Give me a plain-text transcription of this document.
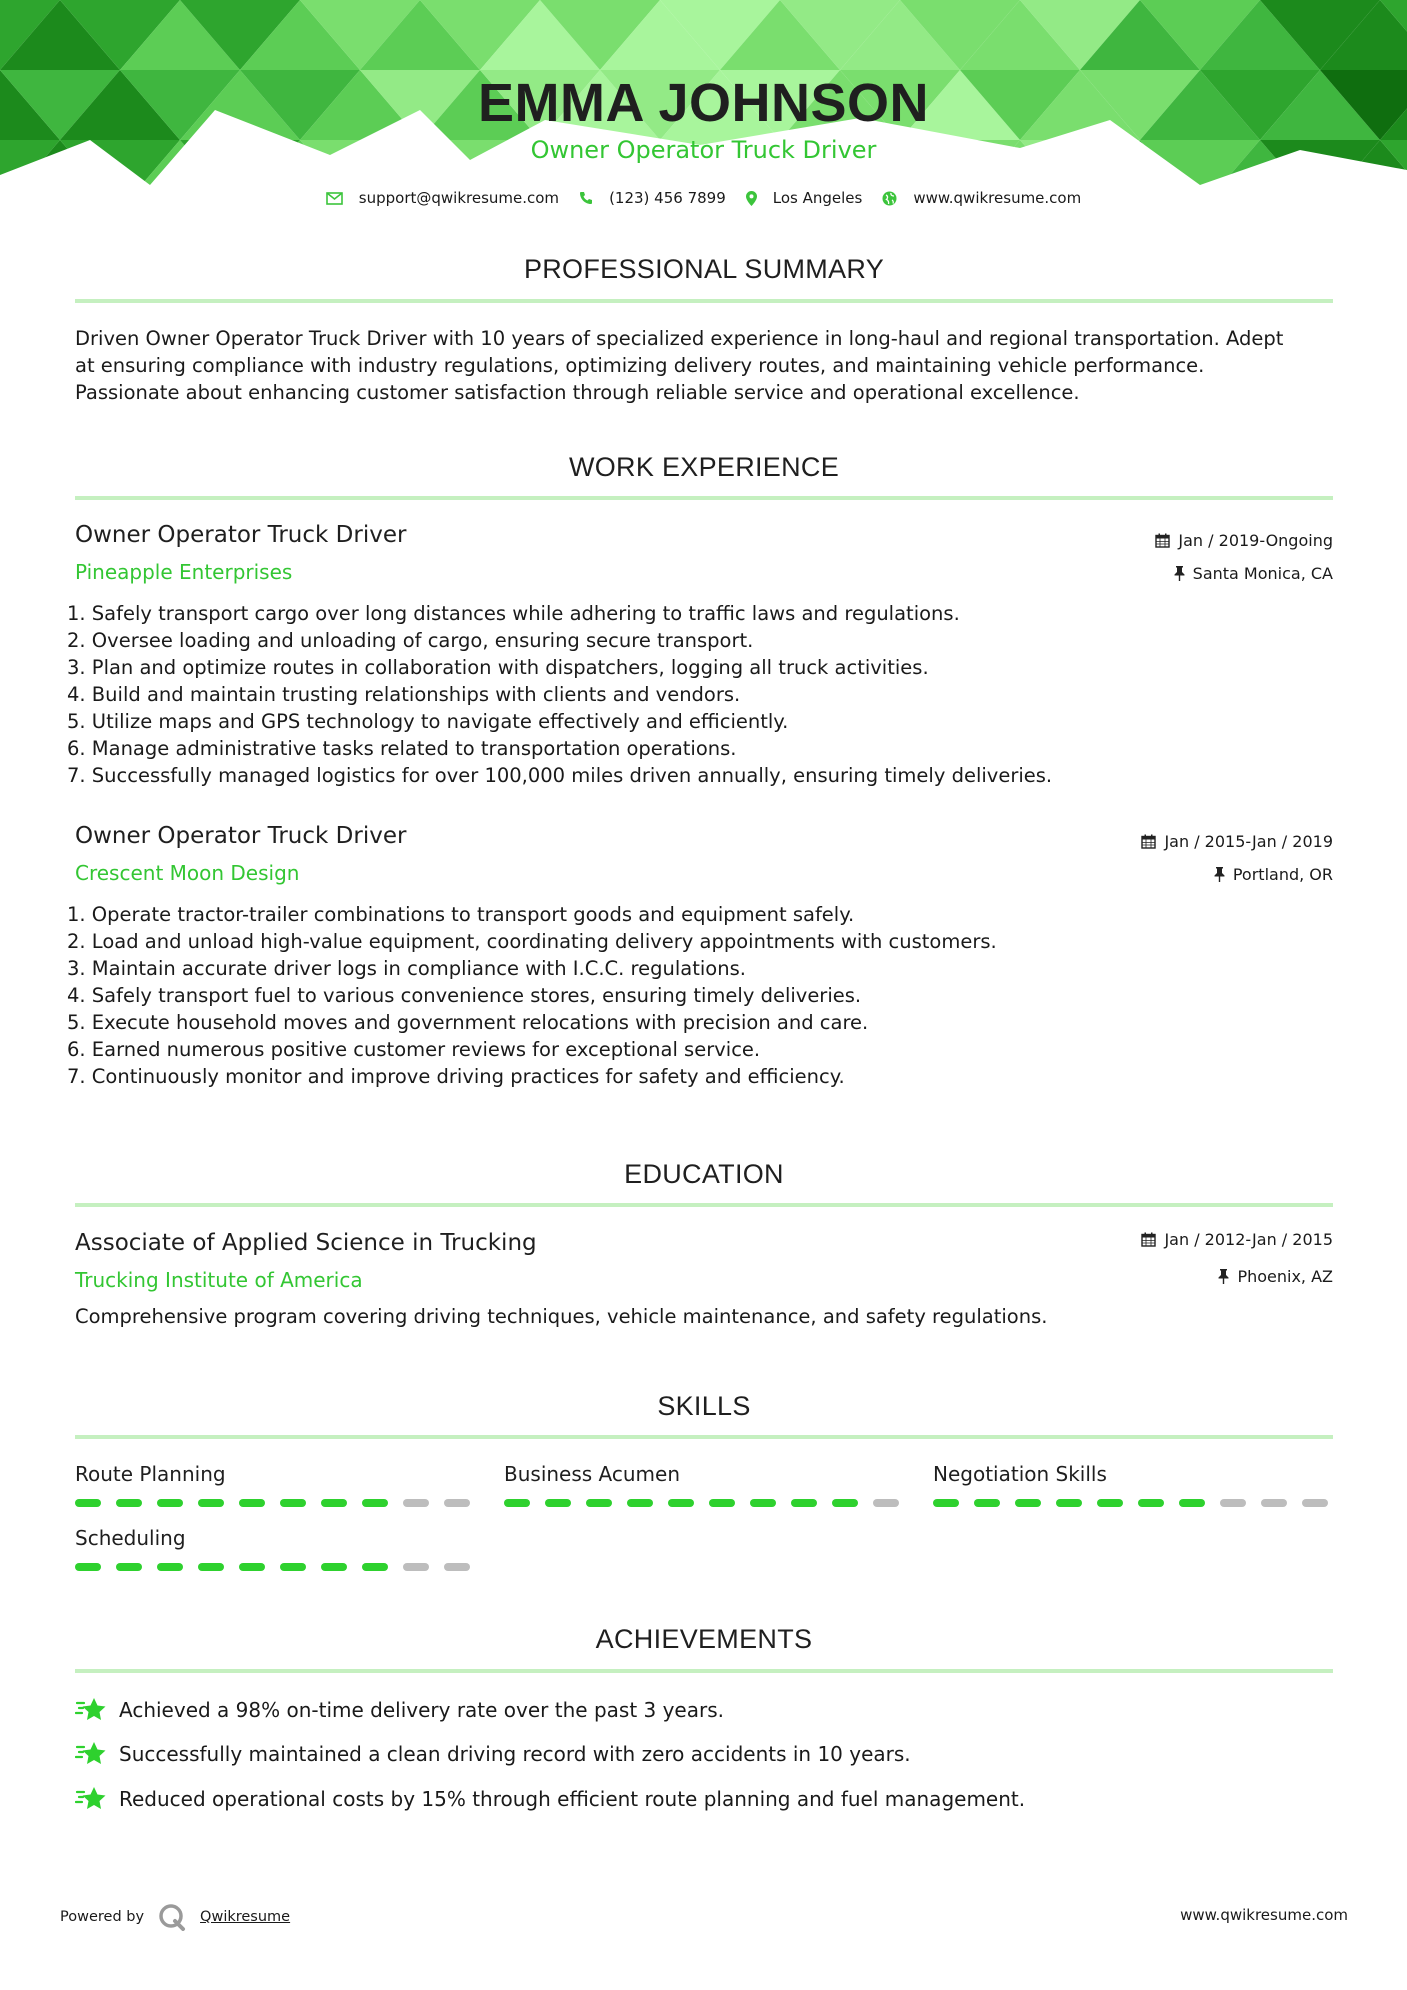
EMMA JOHNSON
Owner Operator Truck Driver
support@qwikresume.com	(123) 456 7899	Los Angeles	www.qwikresume.com
PROFESSIONAL SUMMARY
Driven Owner Operator Truck Driver with 10 years of specialized experience in long-haul and regional transportation. Adept
at ensuring compliance with industry regulations, optimizing delivery routes, and maintaining vehicle performance.
Passionate about enhancing customer satisfaction through reliable service and operational excellence.
WORK EXPERIENCE
Owner Operator Truck Driver
Pineapple Enterprises
Jan / 2019-Ongoing
Santa Monica, CA
1. Safely transport cargo over long distances while adhering to traffic laws and regulations.
2. Oversee loading and unloading of cargo, ensuring secure transport.
3. Plan and optimize routes in collaboration with dispatchers, logging all truck activities.
4. Build and maintain trusting relationships with clients and vendors.
5. Utilize maps and GPS technology to navigate effectively and efficiently.
6. Manage administrative tasks related to transportation operations.
7. Successfully managed logistics for over 100,000 miles driven annually, ensuring timely deliveries.
Owner Operator Truck Driver
Crescent Moon Design
Jan / 2015-Jan / 2019
Portland, OR
1. Operate tractor-trailer combinations to transport goods and equipment safely.
2. Load and unload high-value equipment, coordinating delivery appointments with customers.
3. Maintain accurate driver logs in compliance with I.C.C. regulations.
4. Safely transport fuel to various convenience stores, ensuring timely deliveries.
5. Execute household moves and government relocations with precision and care.
6. Earned numerous positive customer reviews for exceptional service.
7. Continuously monitor and improve driving practices for safety and efficiency.
EDUCATION
Associate of Applied Science in Trucking
Trucking Institute of America
Jan / 2012-Jan / 2015
Phoenix, AZ
Comprehensive program covering driving techniques, vehicle maintenance, and safety regulations.
SKILLS
Route Planning	Business Acumen	Negotiation Skills
Scheduling
ACHIEVEMENTS
Achieved a 98% on-time delivery rate over the past 3 years.
Successfully maintained a clean driving record with zero accidents in 10 years.
Reduced operational costs by 15% through efficient route planning and fuel management.
Powered by	Qwikresume	www.qwikresume.com
